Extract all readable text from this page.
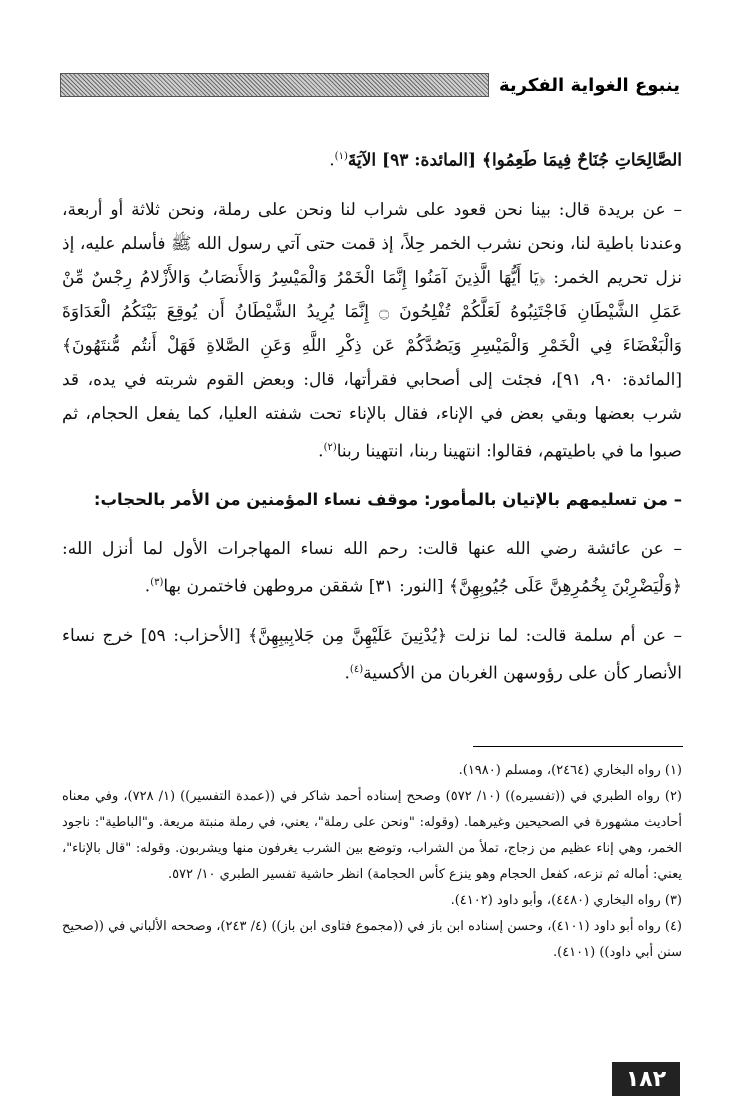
ينبوع الغواية الفكرية

الصَّالِحَاتِ جُنَاحٌ فِيمَا طَعِمُوا﴾ [المائدة: ٩٣] الآيَةَ$^{(١)}$.

– عن بريدة قال: بينا نحن قعود على شراب لنا ونحن على رملة، ونحن ثلاثة أو أربعة، وعندنا باطية لنا، ونحن نشرب الخمر حِلاً، إذ قمت حتى آتي رسول الله ﷺ فأسلم عليه، إذ نزل تحريم الخمر: ﴿يَا أَيُّهَا الَّذِينَ آمَنُوا إِنَّمَا الْخَمْرُ وَالْمَيْسِرُ وَالأَنصَابُ وَالأَزْلامُ رِجْسٌ مِّنْ عَمَلِ الشَّيْطَانِ فَاجْتَنِبُوهُ لَعَلَّكُمْ تُفْلِحُونَ ۝ إِنَّمَا يُرِيدُ الشَّيْطَانُ أَن يُوقِعَ بَيْنَكُمُ الْعَدَاوَةَ وَالْبَغْضَاءَ فِي الْخَمْرِ وَالْمَيْسِرِ وَيَصُدَّكُمْ عَن ذِكْرِ اللَّهِ وَعَنِ الصَّلاةِ فَهَلْ أَنتُم مُّنتَهُونَ﴾ [المائدة: ٩٠، ٩١]، فجئت إلى أصحابي فقرأتها، قال: وبعض القوم شربته في يده، قد شرب بعضها وبقي بعض في الإناء، فقال بالإناء تحت شفته العليا، كما يفعل الحجام، ثم صبوا ما في باطيتهم، فقالوا: انتهينا ربنا، انتهينا ربنا$^{(٢)}$.

– من تسليمهم بالإتيان بالمأمور: موقف نساء المؤمنين من الأمر بالحجاب:

– عن عائشة رضي الله عنها قالت: رحم الله نساء المهاجرات الأول لما أنزل الله: ﴿وَلْيَضْرِبْنَ بِخُمُرِهِنَّ عَلَى جُيُوبِهِنَّ﴾ [النور: ٣١] شققن مروطهن فاختمرن بها$^{(٣)}$.

– عن أم سلمة قالت: لما نزلت ﴿يُدْنِينَ عَلَيْهِنَّ مِن جَلابِيبِهِنَّ﴾ [الأحزاب: ٥٩] خرج نساء الأنصار كأن على رؤوسهن الغربان من الأكسية$^{(٤)}$.

(١) رواه البخاري (٢٤٦٤)، ومسلم (١٩٨٠).

(٢) رواه الطبري في ((تفسيره)) (١٠/ ٥٧٢) وصحح إسناده أحمد شاكر في ((عمدة التفسير)) (١/ ٧٢٨)، وفي معناه أحاديث مشهورة في الصحيحين وغيرهما. (وقوله: "ونحن على رملة"، يعني، في رملة منبتة مريعة. و"الباطية": ناجود الخمر، وهي إناء عظيم من زجاج، تملأ من الشراب، وتوضع بين الشرب يغرفون منها ويشربون. وقوله: "قال بالإناء"، يعني: أماله ثم نزعه، كفعل الحجام وهو ينزع كأس الحجامة) انظر حاشية تفسير الطبري ١٠/ ٥٧٢.

(٣) رواه البخاري (٤٤٨٠)، وأبو داود (٤١٠٢).

(٤) رواه أبو داود (٤١٠١)، وحسن إسناده ابن باز في ((مجموع فتاوى ابن باز)) (٤/ ٢٤٣)، وصححه الألباني في ((صحيح سنن أبي داود)) (٤١٠١).

١٨٢
